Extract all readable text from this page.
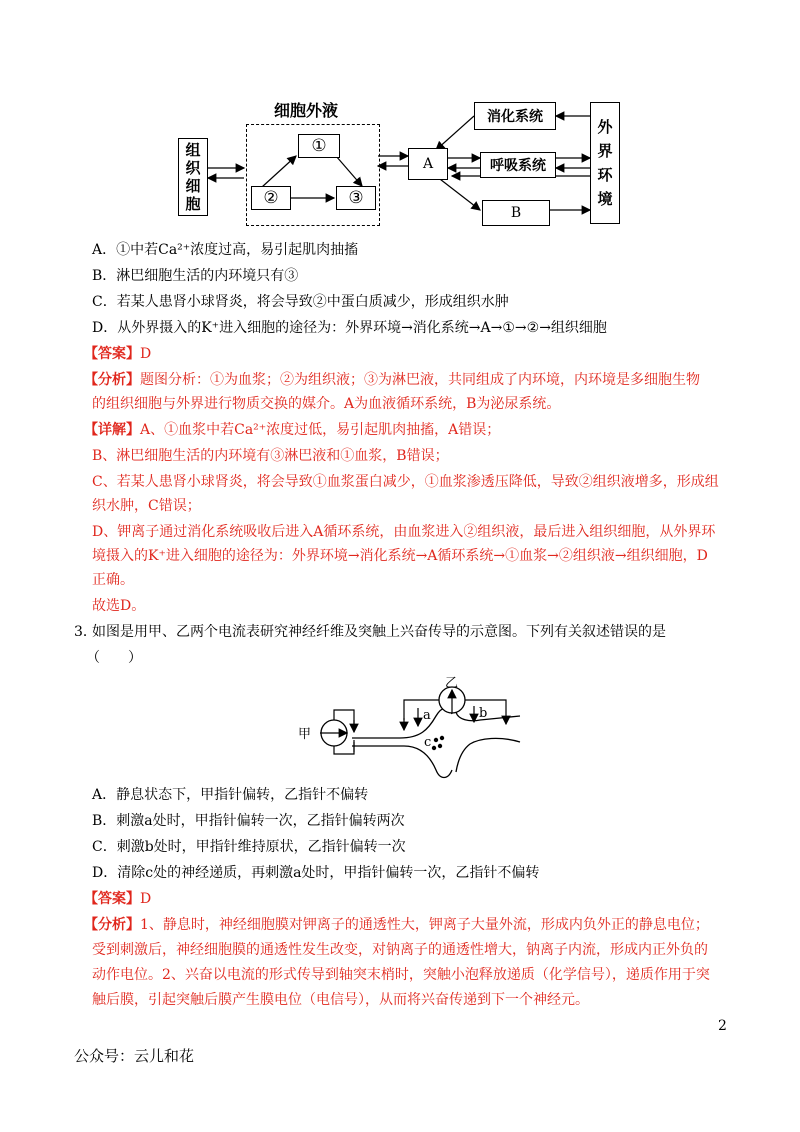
细胞外液
组
织
细
胞
①
②	③
A
消化系统
呼吸系统
B
外
界
环
境
A．①中若Ca²⁺浓度过高，易引起肌肉抽搐
B．淋巴细胞生活的内环境只有③
C．若某人患肾小球肾炎，将会导致②中蛋白质减少，形成组织水肿
D．从外界摄入的K⁺进入细胞的途径为：外界环境→消化系统→A→①→②→组织细胞
【答案】D
【分析】题图分析：①为血浆；②为组织液；③为淋巴液，共同组成了内环境，内环境是多细胞生物
的组织细胞与外界进行物质交换的媒介。A为血液循环系统，B为泌尿系统。
【详解】A、①血浆中若Ca²⁺浓度过低，易引起肌肉抽搐，A错误；
B、淋巴细胞生活的内环境有③淋巴液和①血浆，B错误；
C、若某人患肾小球肾炎，将会导致①血浆蛋白减少，①血浆渗透压降低，导致②组织液增多，形成组
织水肿，C错误；
D、钾离子通过消化系统吸收后进入A循环系统，由血浆进入②组织液，最后进入组织细胞，从外界环
境摄入的K⁺进入细胞的途径为：外界环境→消化系统→A循环系统→①血浆→②组织液→组织细胞，D
正确。
故选D。
3．
如图是用甲、乙两个电流表研究神经纤维及突触上兴奋传导的示意图。下列有关叙述错误的是
（　　）
甲
乙
a	b
c
A．静息状态下，甲指针偏转，乙指针不偏转
B．刺激a处时，甲指针偏转一次，乙指针偏转两次
C．刺激b处时，甲指针维持原状，乙指针偏转一次
D．清除c处的神经递质，再刺激a处时，甲指针偏转一次，乙指针不偏转
【答案】D
【分析】1、静息时，神经细胞膜对钾离子的通透性大，钾离子大量外流，形成内负外正的静息电位；
受到刺激后，神经细胞膜的通透性发生改变，对钠离子的通透性增大，钠离子内流，形成内正外负的
动作电位。2、兴奋以电流的形式传导到轴突末梢时，突触小泡释放递质（化学信号），递质作用于突
触后膜，引起突触后膜产生膜电位（电信号），从而将兴奋传递到下一个神经元。
2
公众号：云儿和花
